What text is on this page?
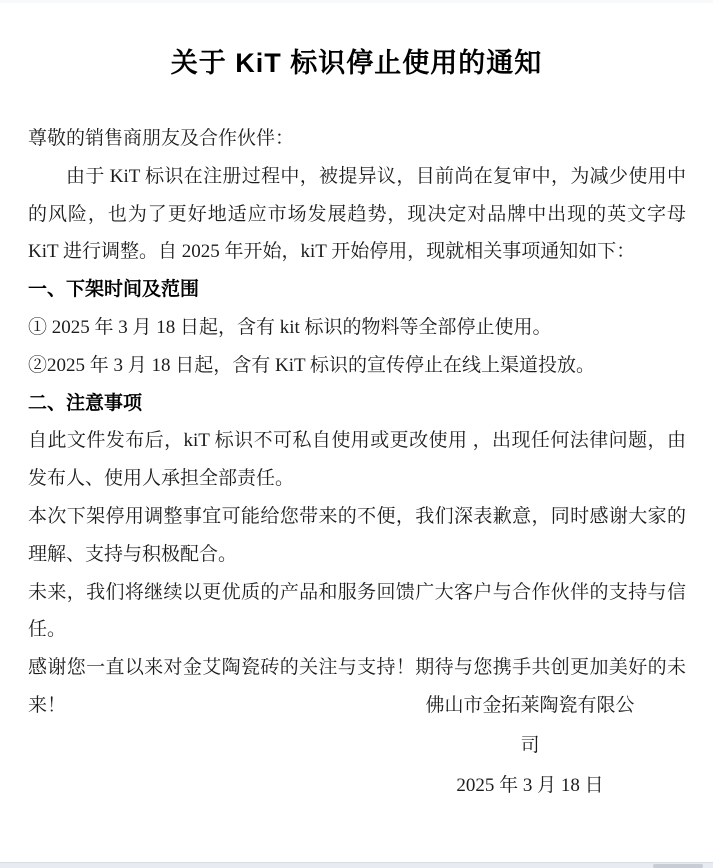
关于 KiT 标识停止使用的通知

尊敬的销售商朋友及合作伙伴：

由于 KiT 标识在注册过程中，被提异议，目前尚在复审中，为减少使用中的风险，也为了更好地适应市场发展趋势，现决定对品牌中出现的英文字母 KiT 进行调整。自 2025 年开始，kiT 开始停用，现就相关事项通知如下：

一、下架时间及范围

① 2025 年 3 月 18 日起，含有 kit 标识的物料等全部停止使用。

②2025 年 3 月 18 日起，含有 KiT 标识的宣传停止在线上渠道投放。

二、注意事项

自此文件发布后，kiT 标识不可私自使用或更改使用 ，出现任何法律问题，由发布人、使用人承担全部责任。

本次下架停用调整事宜可能给您带来的不便，我们深表歉意，同时感谢大家的理解、支持与积极配合。

未来，我们将继续以更优质的产品和服务回馈广大客户与合作伙伴的支持与信任。

感谢您一直以来对金艾陶瓷砖的关注与支持！期待与您携手共创更加美好的未来！	佛山市金拓莱陶瓷有限公司
2025 年 3 月 18 日
